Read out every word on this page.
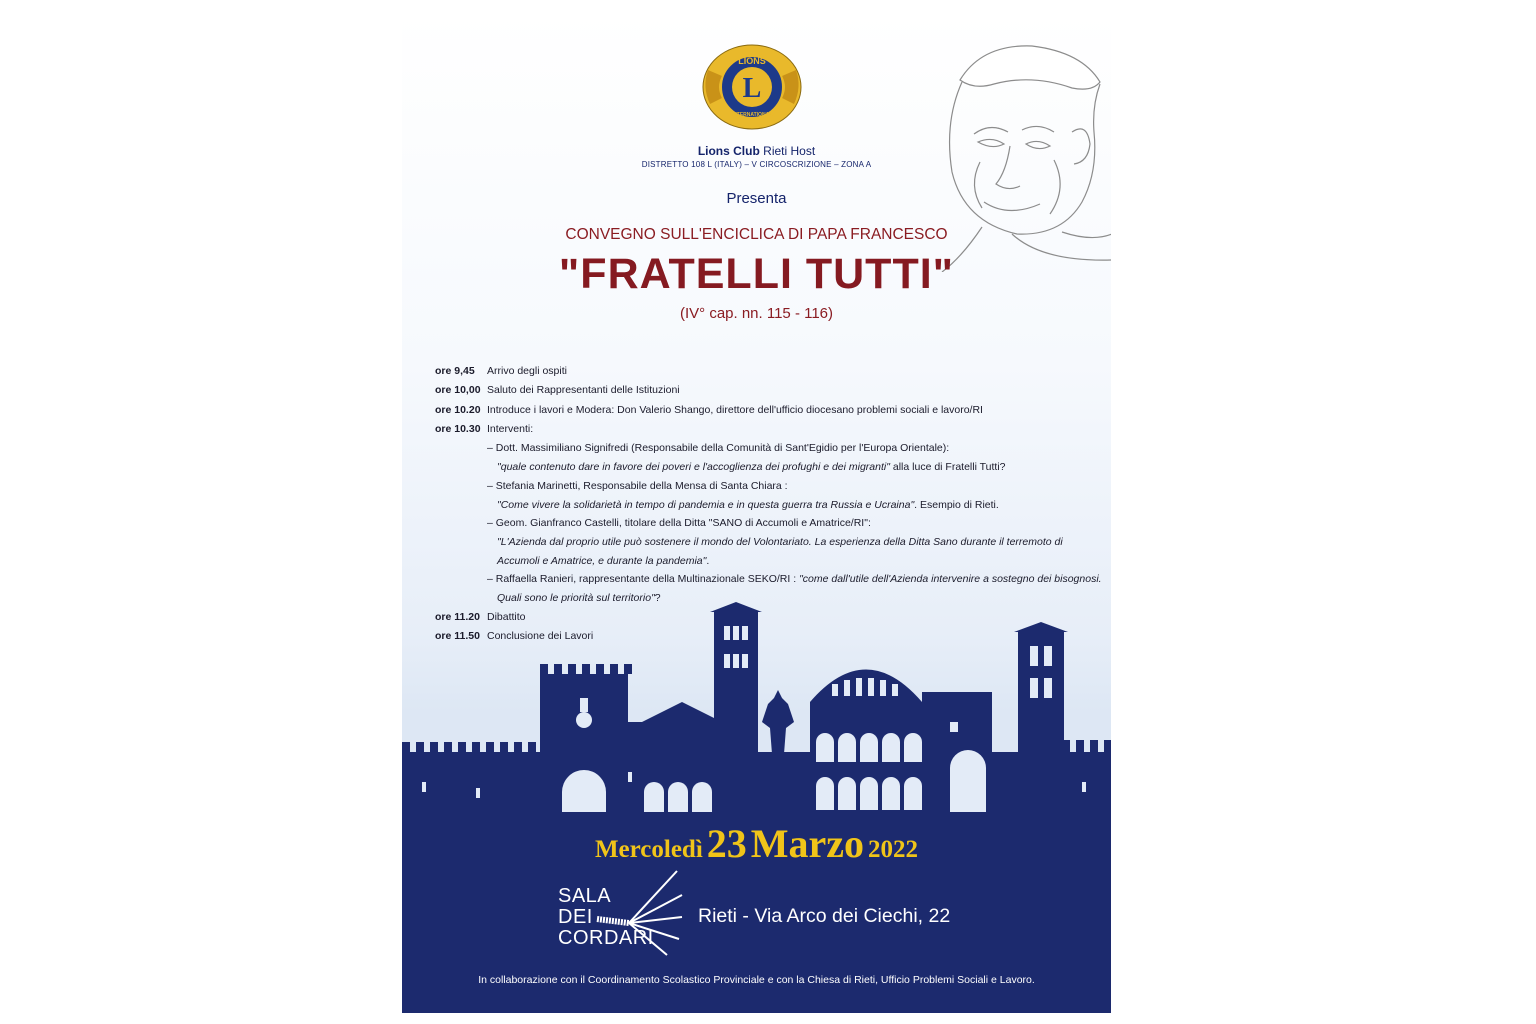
L
LIONS
INTERNATIONAL
Lions Club Rieti Host
DISTRETTO 108 L (ITALY) – V CIRCOSCRIZIONE – ZONA A
Presenta
CONVEGNO SULL'ENCICLICA DI PAPA FRANCESCO
"FRATELLI TUTTI"
(IV° cap. nn. 115 - 116)
ore 9,45 Arrivo degli ospiti
ore 10,00 Saluto dei Rappresentanti delle Istituzioni
ore 10.20 Introduce i lavori e Modera: Don Valerio Shango, direttore dell'ufficio diocesano problemi sociali e lavoro/RI
ore 10.30 Interventi:
– Dott. Massimiliano Signifredi (Responsabile della Comunità di Sant'Egidio per l'Europa Orientale):
"quale contenuto dare in favore dei poveri e l'accoglienza dei profughi e dei migranti" alla luce di Fratelli Tutti?
– Stefania Marinetti, Responsabile della Mensa di Santa Chiara :
"Come vivere la solidarietà in tempo di pandemia e in questa guerra tra Russia e Ucraina". Esempio di Rieti.
– Geom. Gianfranco Castelli, titolare della Ditta "SANO di Accumoli e Amatrice/RI":
"L'Azienda dal proprio utile può sostenere il mondo del Volontariato. La esperienza della Ditta Sano durante il terremoto di
Accumoli e Amatrice, e durante la pandemia".
– Raffaella Ranieri, rappresentante della Multinazionale SEKO/RI : "come dall'utile dell'Azienda intervenire a sostegno dei bisognosi.
Quali sono le priorità sul territorio"?
ore 11.20 Dibattito
ore 11.50 Conclusione dei Lavori
Mercoledì 23 Marzo 2022
SALA
DEI
CORDARI
Rieti - Via Arco dei Ciechi, 22
In collaborazione con il Coordinamento Scolastico Provinciale e con la Chiesa di Rieti, Ufficio Problemi Sociali e Lavoro.
